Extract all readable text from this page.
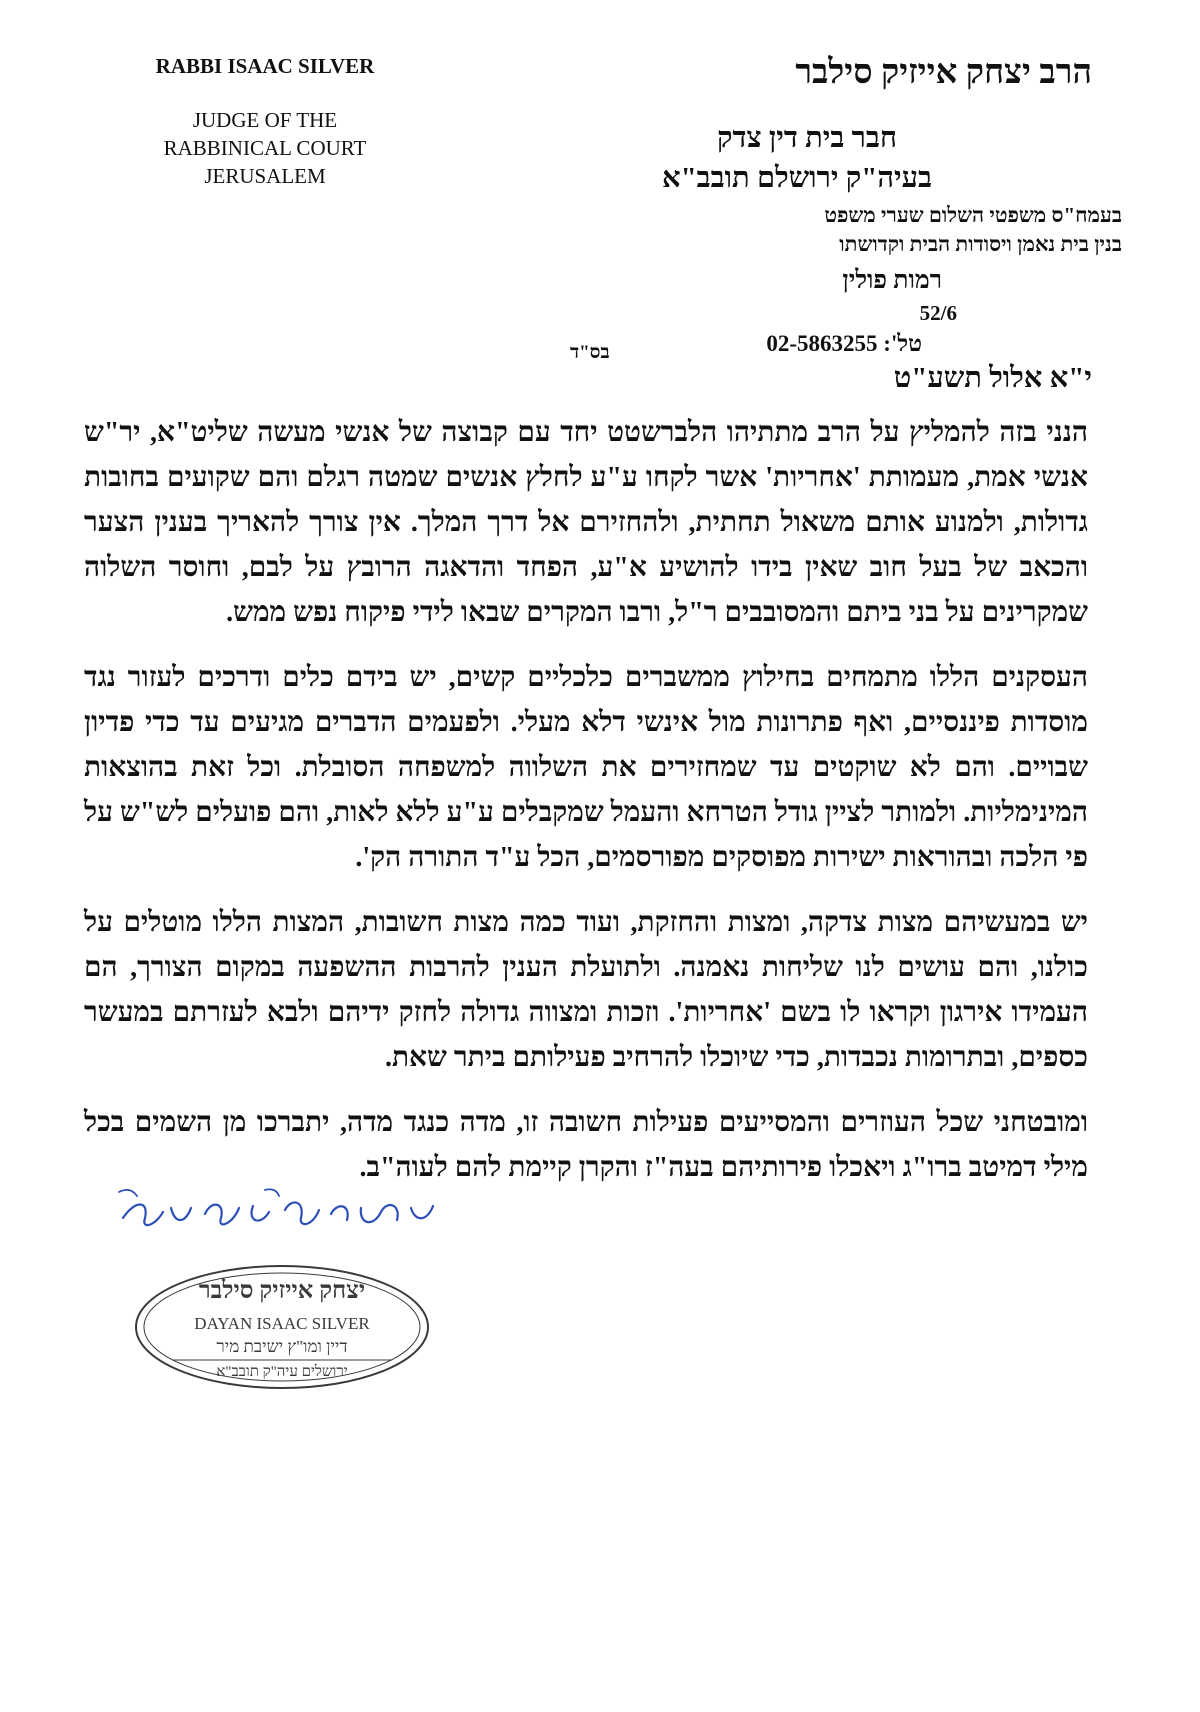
RABBI ISAAC SILVER
JUDGE OF THE
RABBINICAL COURT
JERUSALEM
הרב יצחק אייזיק סילבר
חבר בית דין צדק
בעיה"ק ירושלם תובב"א
בעמח"ס משפטי השלום שערי משפט
בנין בית נאמן ויסודות הבית וקדושתו
רמות פולין
52/6
טל': 02-5863255
בס"ד
י"א אלול תשע"ט

הנני בזה להמליץ על הרב מתתיהו הלברשטט יחד עם קבוצה של אנשי מעשה שליט"א, יר"ש אנשי אמת, מעמותת 'אחריות' אשר לקחו ע"ע לחלץ אנשים שמטה רגלם והם שקועים בחובות גדולות, ולמנוע אותם משאול תחתית, ולהחזירם אל דרך המלך. אין צורך להאריך בענין הצער והכאב של בעל חוב שאין בידו להושיע א"ע, הפחד והדאגה הרובץ על לבם, וחוסר השלוה שמקרינים על בני ביתם והמסובבים ר"ל, ורבו המקרים שבאו לידי פיקוח נפש ממש.

העסקנים הללו מתמחים בחילוץ ממשברים כלכליים קשים, יש בידם כלים ודרכים לעזור נגד מוסדות פיננסיים, ואף פתרונות מול אינשי דלא מעלי. ולפעמים הדברים מגיעים עד כדי פדיון שבויים. והם לא שוקטים עד שמחזירים את השלווה למשפחה הסובלת. וכל זאת בהוצאות המינימליות. ולמותר לציין גודל הטרחא והעמל שמקבלים ע"ע ללא לאות, והם פועלים לש"ש על פי הלכה ובהוראות ישירות מפוסקים מפורסמים, הכל ע"ד התורה הק'.

יש במעשיהם מצות צדקה, ומצות והחזקת, ועוד כמה מצות חשובות, המצות הללו מוטלים על כולנו, והם עושים לנו שליחות נאמנה. ולתועלת הענין להרבות ההשפעה במקום הצורך, הם העמידו אירגון וקראו לו בשם 'אחריות'. וזכות ומצווה גדולה לחזק ידיהם ולבא לעזרתם במעשר כספים, ובתרומות נכבדות, כדי שיוכלו להרחיב פעילותם ביתר שאת.

ומובטחני שכל העוזרים והמסייעים פעילות חשובה זו, מדה כנגד מדה, יתברכו מן השמים בכל מילי דמיטב ברו"ג ויאכלו פירותיהם בעה"ז והקרן קיימת להם לעוה"ב.

יצחק אייזיק סילבר
DAYAN ISAAC SILVER
דיין ומו"ץ ישיבת מיר
ירושלים עיה"ק תובב"א
